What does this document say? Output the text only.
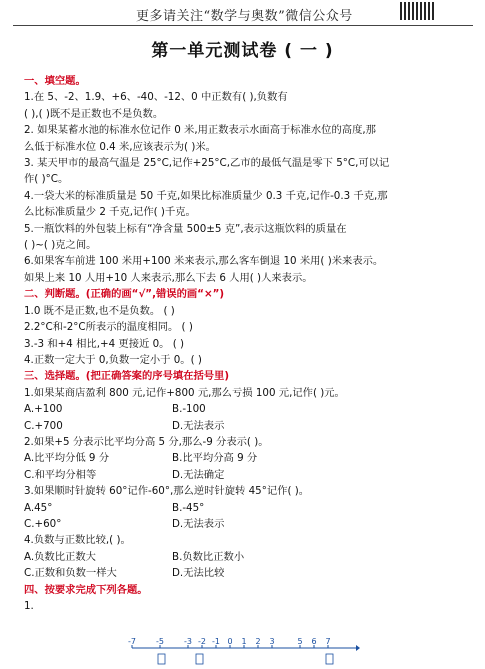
更多请关注“数学与奥数”微信公众号
第一单元测试卷 ( 一 )
一、填空题。
1.在 5、-2、1.9、+6、-40、-12、0 中正数有( ),负数有
( ),( )既不是正数也不是负数。
2. 如果某蓄水池的标准水位记作 0 米,用正数表示水面高于标准水位的高度,那
么低于标准水位 0.4 米,应该表示为( )米。
3. 某天甲市的最高气温是 25°C,记作+25°C,乙市的最低气温是零下 5°C,可以记
作( )°C。
4.一袋大米的标准质量是 50 千克,如果比标准质量少 0.3 千克,记作-0.3 千克,那
么比标准质量少 2 千克,记作( )千克。
5.一瓶饮料的外包装上标有“净含量 500±5 克”,表示这瓶饮料的质量在
( )~( )克之间。
6.如果客车前进 100 米用+100 米来表示,那么客车倒退 10 米用( )米来表示。
如果上来 10 人用+10 人来表示,那么下去 6 人用( )人来表示。
二、判断题。(正确的画“√”,错误的画“×”)
1.0 既不是正数,也不是负数。 ( )
2.2°C和-2°C所表示的温度相同。 ( )
3.-3 和+4 相比,+4 更接近 0。 ( )
4.正数一定大于 0,负数一定小于 0。( )
三、选择题。(把正确答案的序号填在括号里)
1.如果某商店盈利 800 元,记作+800 元,那么亏损 100 元,记作( )元。
A.+100	B.-100
C.+700	D.无法表示
2.如果+5 分表示比平均分高 5 分,那么-9 分表示( )。
A.比平均分低 9 分	B.比平均分高 9 分
C.和平均分相等	D.无法确定
3.如果顺时针旋转 60°记作-60°,那么逆时针旋转 45°记作( )。
A.45°	B.-45°
C.+60°	D.无法表示
4.负数与正数比较,( )。
A.负数比正数大	B.负数比正数小
C.正数和负数一样大	D.无法比较
四、按要求完成下列各题。
1.
-7	-5	-3 -2 -1 0 1 2 3	5 6 7
